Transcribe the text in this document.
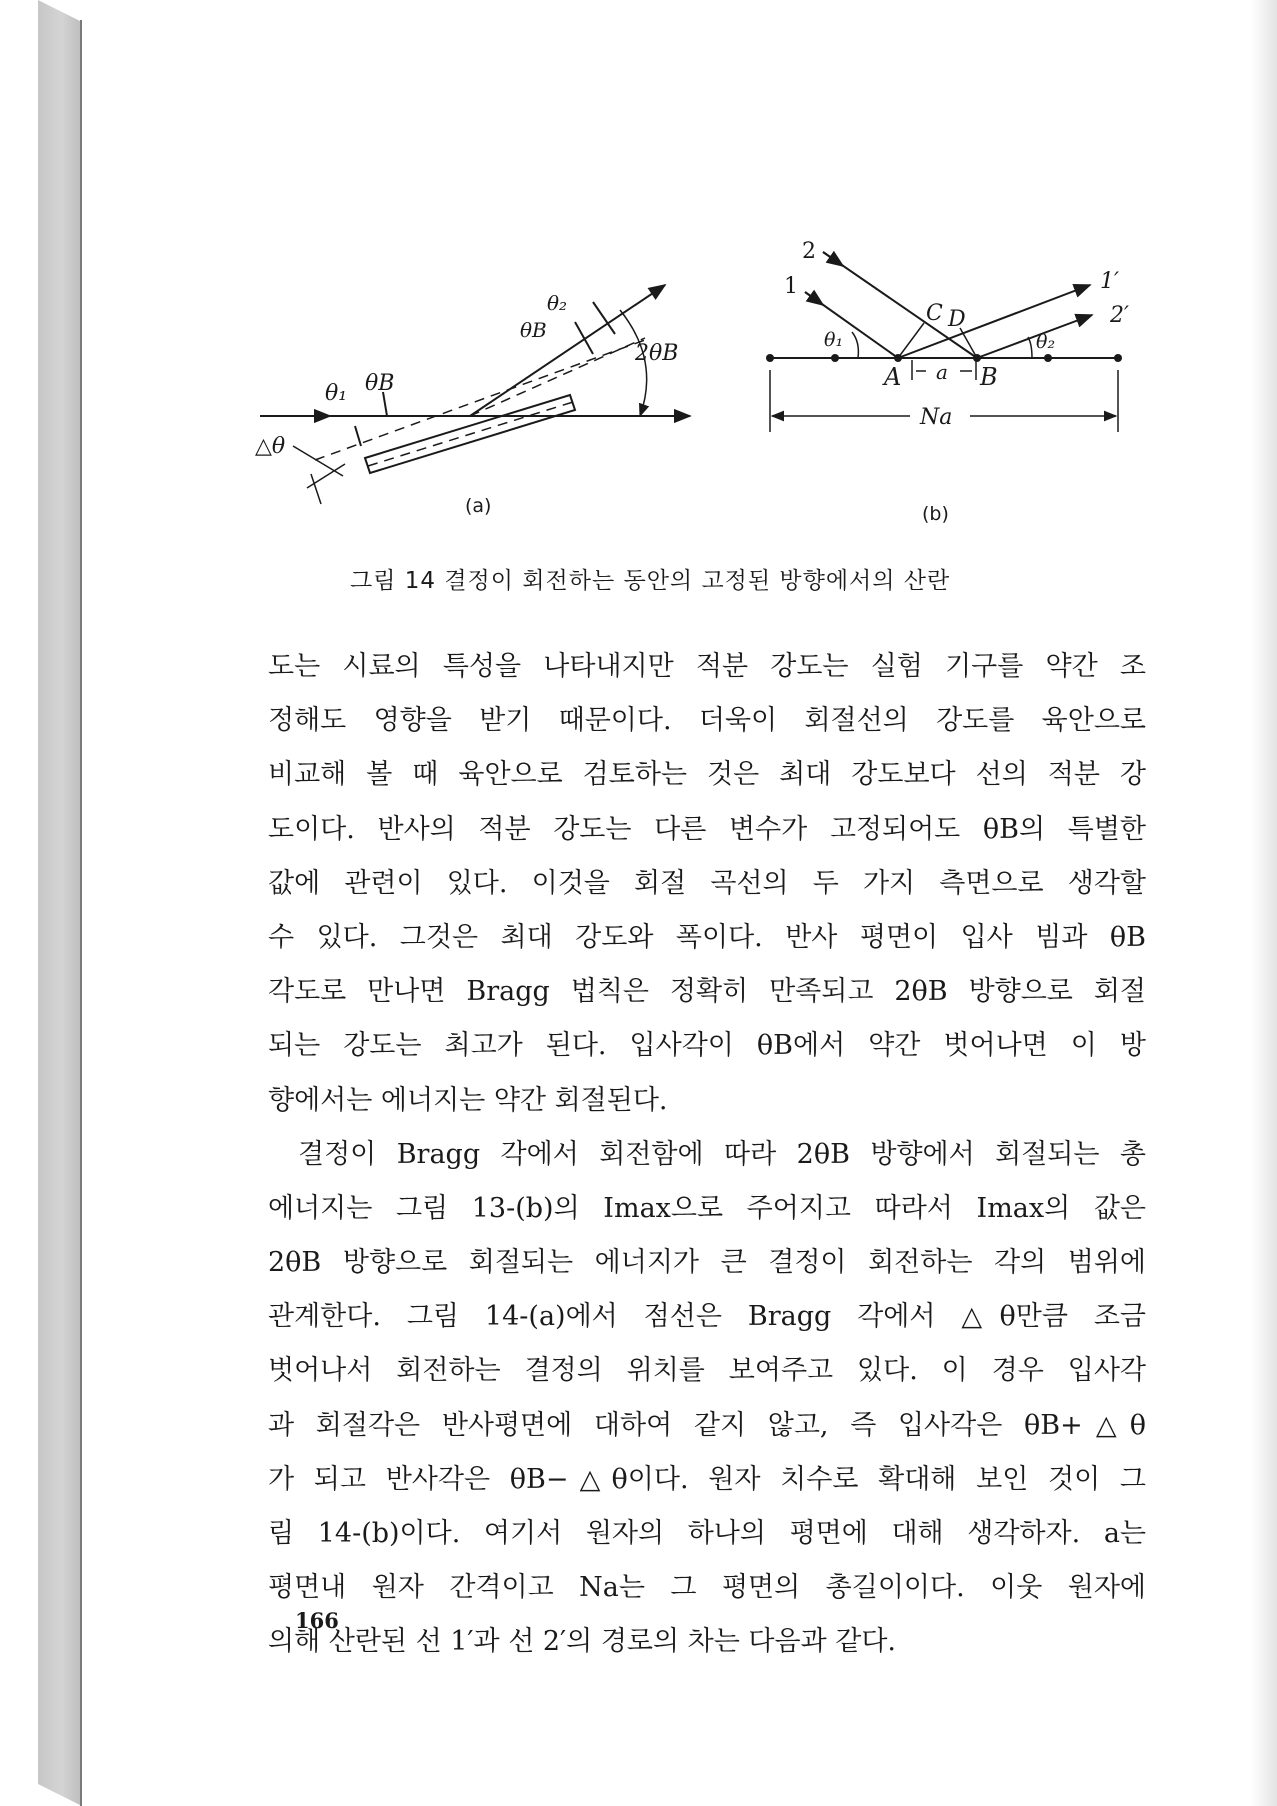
θ₁ θB
△θ
θB
θ₂
2θB
(a)
2
1	1′
2′
C D
θ₁	θ₂
A a B
Na
(b)
그림 14 결정이 회전하는 동안의 고정된 방향에서의 산란
도는 시료의 특성을 나타내지만 적분 강도는 실험 기구를 약간 조
정해도 영향을 받기 때문이다. 더욱이 회절선의 강도를 육안으로
비교해 볼 때 육안으로 검토하는 것은 최대 강도보다 선의 적분 강
도이다. 반사의 적분 강도는 다른 변수가 고정되어도 θB의 특별한
값에 관련이 있다. 이것을 회절 곡선의 두 가지 측면으로 생각할
수 있다. 그것은 최대 강도와 폭이다. 반사 평면이 입사 빔과 θB
각도로 만나면 Bragg 법칙은 정확히 만족되고 2θB 방향으로 회절
되는 강도는 최고가 된다. 입사각이 θB에서 약간 벗어나면 이 방
향에서는 에너지는 약간 회절된다.
결정이 Bragg 각에서 회전함에 따라 2θB 방향에서 회절되는 총
에너지는 그림 13-(b)의 Imax으로 주어지고 따라서 Imax의 값은
2θB 방향으로 회절되는 에너지가 큰 결정이 회전하는 각의 범위에
관계한다. 그림 14-(a)에서 점선은 Bragg 각에서 △θ만큼 조금
벗어나서 회전하는 결정의 위치를 보여주고 있다. 이 경우 입사각
과 회절각은 반사평면에 대하여 같지 않고, 즉 입사각은 θB+△θ
가 되고 반사각은 θB−△θ이다. 원자 치수로 확대해 보인 것이 그
림 14-(b)이다. 여기서 원자의 하나의 평면에 대해 생각하자. a는
평면내 원자 간격이고 Na는 그 평면의 총길이이다. 이웃 원자에
의해 산란된 선 1′과 선 2′의 경로의 차는 다음과 같다.
166
